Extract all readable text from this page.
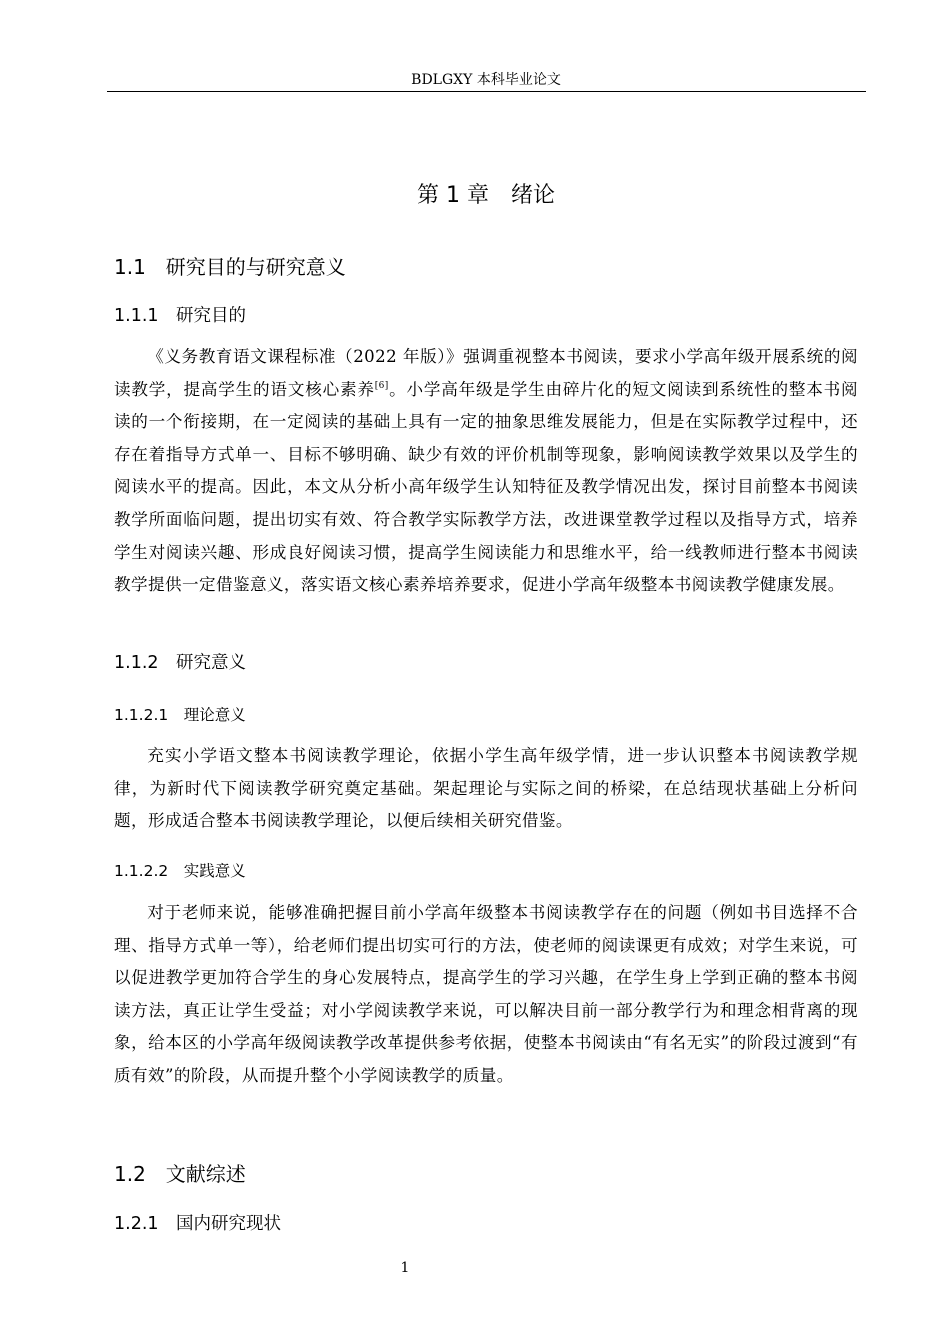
BDLGXY 本科毕业论文
第 1 章　绪论
1.1　研究目的与研究意义
1.1.1　研究目的

《义务教育语文课程标准（2022 年版）》强调重视整本书阅读，要求小学高年级开展系统的阅读教学，提高学生的语文核心素养[6]。小学高年级是学生由碎片化的短文阅读到系统性的整本书阅读的一个衔接期，在一定阅读的基础上具有一定的抽象思维发展能力，但是在实际教学过程中，还存在着指导方式单一、目标不够明确、缺少有效的评价机制等现象，影响阅读教学效果以及学生的阅读水平的提高。因此，本文从分析小高年级学生认知特征及教学情况出发，探讨目前整本书阅读教学所面临问题，提出切实有效、符合教学实际教学方法，改进课堂教学过程以及指导方式，培养学生对阅读兴趣、形成良好阅读习惯，提高学生阅读能力和思维水平，给一线教师进行整本书阅读教学提供一定借鉴意义，落实语文核心素养培养要求，促进小学高年级整本书阅读教学健康发展。

1.1.2　研究意义
1.1.2.1　理论意义

充实小学语文整本书阅读教学理论，依据小学生高年级学情，进一步认识整本书阅读教学规律，为新时代下阅读教学研究奠定基础。架起理论与实际之间的桥梁，在总结现状基础上分析问题，形成适合整本书阅读教学理论，以便后续相关研究借鉴。

1.1.2.2　实践意义

对于老师来说，能够准确把握目前小学高年级整本书阅读教学存在的问题（例如书目选择不合理、指导方式单一等），给老师们提出切实可行的方法，使老师的阅读课更有成效；对学生来说，可以促进教学更加符合学生的身心发展特点，提高学生的学习兴趣，在学生身上学到正确的整本书阅读方法，真正让学生受益；对小学阅读教学来说，可以解决目前一部分教学行为和理念相背离的现象，给本区的小学高年级阅读教学改革提供参考依据，使整本书阅读由“有名无实”的阶段过渡到“有质有效”的阶段，从而提升整个小学阅读教学的质量。

1.2　文献综述
1.2.1　国内研究现状
1
